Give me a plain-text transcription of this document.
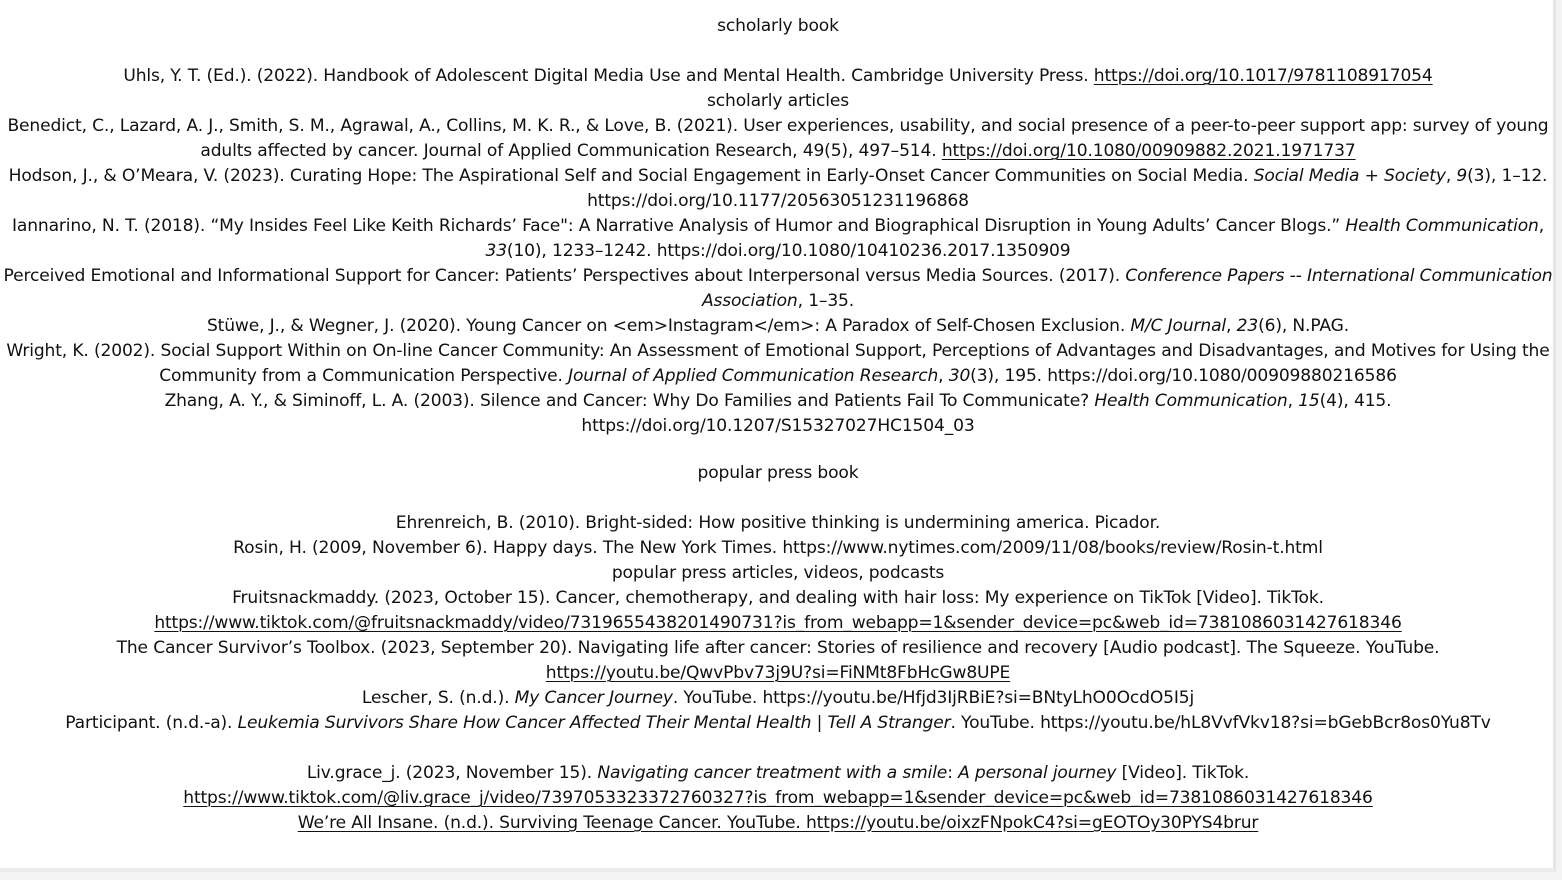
scholarly book

Uhls, Y. T. (Ed.). (2022). Handbook of Adolescent Digital Media Use and Mental Health. Cambridge University Press. https://doi.org/10.1017/9781108917054

scholarly articles

Benedict, C., Lazard, A. J., Smith, S. M., Agrawal, A., Collins, M. K. R., & Love, B. (2021). User experiences, usability, and social presence of a peer-to-peer support app: survey of young adults affected by cancer. Journal of Applied Communication Research, 49(5), 497–514. https://doi.org/10.1080/00909882.2021.1971737

Hodson, J., & O’Meara, V. (2023). Curating Hope: The Aspirational Self and Social Engagement in Early-Onset Cancer Communities on Social Media. Social Media + Society, 9(3), 1–12. https://doi.org/10.1177/20563051231196868

Iannarino, N. T. (2018). “My Insides Feel Like Keith Richards’ Face": A Narrative Analysis of Humor and Biographical Disruption in Young Adults’ Cancer Blogs.” Health Communication, 33(10), 1233–1242. https://doi.org/10.1080/10410236.2017.1350909

Perceived Emotional and Informational Support for Cancer: Patients’ Perspectives about Interpersonal versus Media Sources. (2017). Conference Papers -- International Communication Association, 1–35.

Stüwe, J., & Wegner, J. (2020). Young Cancer on <em>Instagram</em>: A Paradox of Self-Chosen Exclusion. M/C Journal, 23(6), N.PAG.

Wright, K. (2002). Social Support Within on On-line Cancer Community: An Assessment of Emotional Support, Perceptions of Advantages and Disadvantages, and Motives for Using the Community from a Communication Perspective. Journal of Applied Communication Research, 30(3), 195. https://doi.org/10.1080/00909880216586

Zhang, A. Y., & Siminoff, L. A. (2003). Silence and Cancer: Why Do Families and Patients Fail To Communicate? Health Communication, 15(4), 415. https://doi.org/10.1207/S15327027HC1504_03

popular press book

Ehrenreich, B. (2010). Bright-sided: How positive thinking is undermining america. Picador.

Rosin, H. (2009, November 6). Happy days. The New York Times. https://www.nytimes.com/2009/11/08/books/review/Rosin-t.html

popular press articles, videos, podcasts

Fruitsnackmaddy. (2023, October 15). Cancer, chemotherapy, and dealing with hair loss: My experience on TikTok [Video]. TikTok.

https://www.tiktok.com/@fruitsnackmaddy/video/7319655438201490731?is_from_webapp=1&sender_device=pc&web_id=7381086031427618346

The Cancer Survivor’s Toolbox. (2023, September 20). Navigating life after cancer: Stories of resilience and recovery [Audio podcast]. The Squeeze. YouTube.

https://youtu.be/QwvPbv73j9U?si=FiNMt8FbHcGw8UPE

Lescher, S. (n.d.). My Cancer Journey. YouTube. https://youtu.be/Hfjd3IjRBiE?si=BNtyLhO0OcdO5I5j

Participant. (n.d.-a). Leukemia Survivors Share How Cancer Affected Their Mental Health | Tell A Stranger. YouTube. https://youtu.be/hL8VvfVkv18?si=bGebBcr8os0Yu8Tv

Liv.grace_j. (2023, November 15). Navigating cancer treatment with a smile: A personal journey [Video]. TikTok.

https://www.tiktok.com/@liv.grace_j/video/7397053323372760327?is_from_webapp=1&sender_device=pc&web_id=7381086031427618346

We’re All Insane. (n.d.). Surviving Teenage Cancer. YouTube. https://youtu.be/oixzFNpokC4?si=gEOTOy30PYS4brur
